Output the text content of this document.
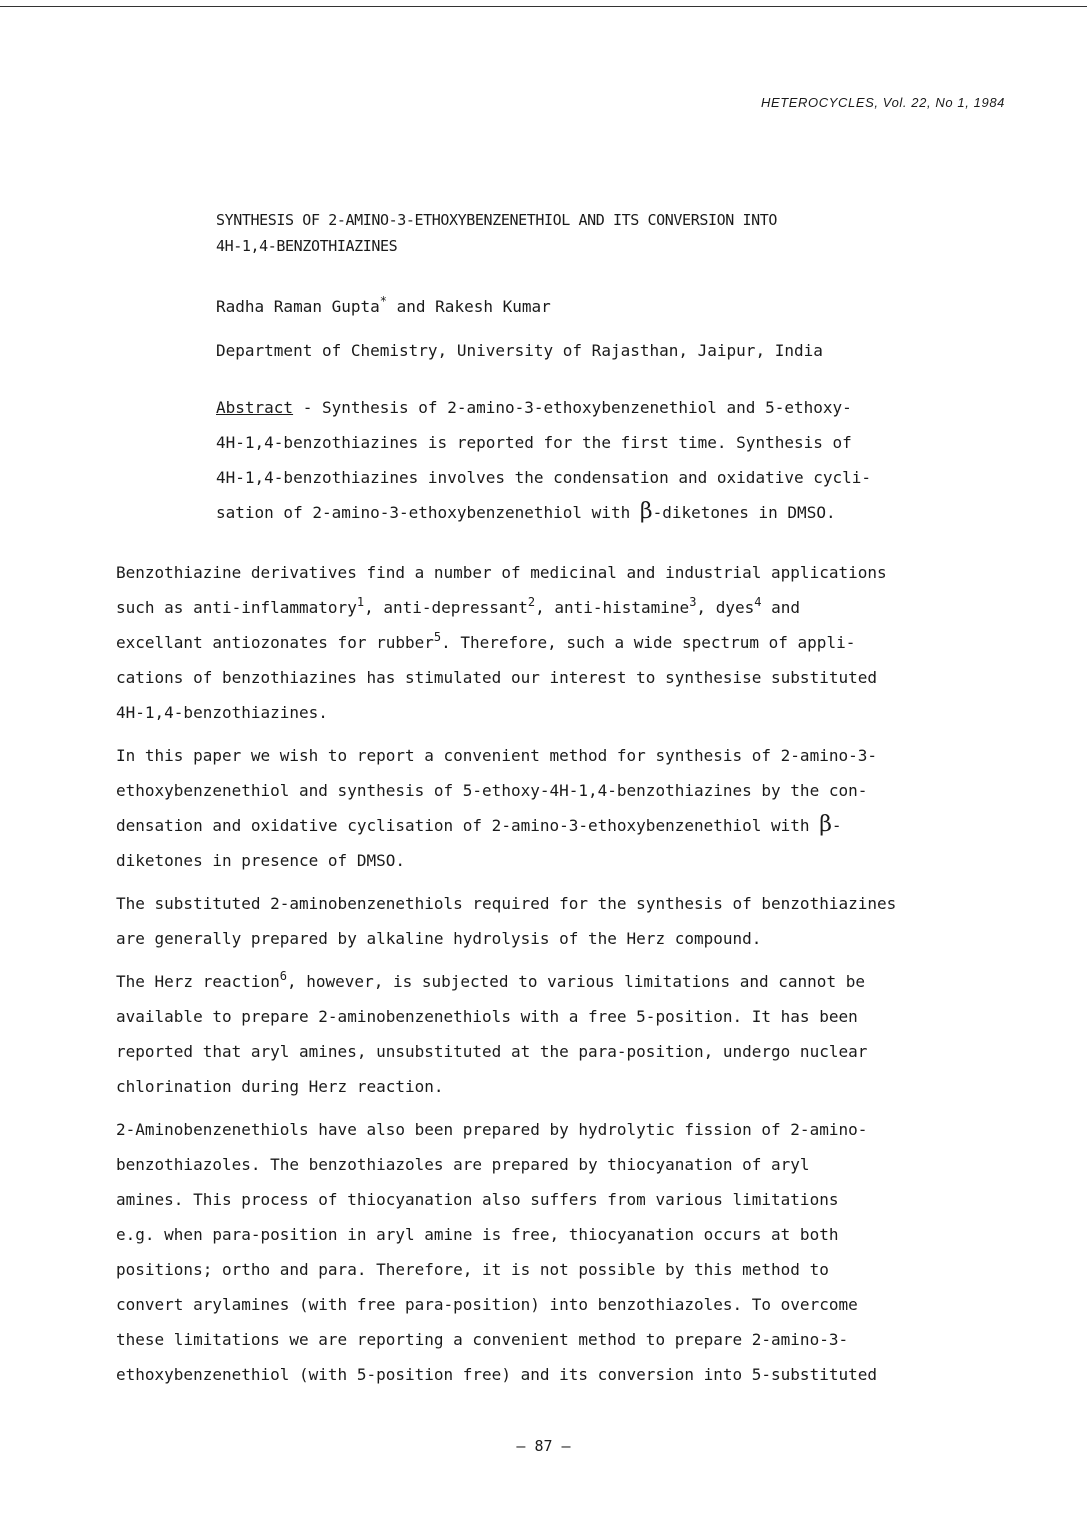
HETEROCYCLES, Vol. 22, No 1, 1984
SYNTHESIS OF 2-AMINO-3-ETHOXYBENZENETHIOL AND ITS CONVERSION INTO
4H-1,4-BENZOTHIAZINES
Radha Raman Gupta* and Rakesh Kumar
Department of Chemistry, University of Rajasthan, Jaipur, India
Abstract - Synthesis of 2-amino-3-ethoxybenzenethiol and 5-ethoxy-
4H-1,4-benzothiazines is reported for the first time. Synthesis of
4H-1,4-benzothiazines involves the condensation and oxidative cycli-
sation of 2-amino-3-ethoxybenzenethiol with β-diketones in DMSO.
Benzothiazine derivatives find a number of medicinal and industrial applications
such as anti-inflammatory$^1$, anti-depressant$^2$, anti-histamine$^3$, dyes$^4$ and
excellant antiozonates for rubber$^5$. Therefore, such a wide spectrum of appli-
cations of benzothiazines has stimulated our interest to synthesise substituted
4H-1,4-benzothiazines.
In this paper we wish to report a convenient method for synthesis of 2-amino-3-
ethoxybenzenethiol and synthesis of 5-ethoxy-4H-1,4-benzothiazines by the con-
densation and oxidative cyclisation of 2-amino-3-ethoxybenzenethiol with β-
diketones in presence of DMSO.
The substituted 2-aminobenzenethiols required for the synthesis of benzothiazines
are generally prepared by alkaline hydrolysis of the Herz compound.
The Herz reaction$^6$, however, is subjected to various limitations and cannot be
available to prepare 2-aminobenzenethiols with a free 5-position. It has been
reported that aryl amines, unsubstituted at the para-position, undergo nuclear
chlorination during Herz reaction.
2-Aminobenzenethiols have also been prepared by hydrolytic fission of 2-amino-
benzothiazoles. The benzothiazoles are prepared by thiocyanation of aryl
amines. This process of thiocyanation also suffers from various limitations
e.g. when para-position in aryl amine is free, thiocyanation occurs at both
positions; ortho and para. Therefore, it is not possible by this method to
convert arylamines (with free para-position) into benzothiazoles. To overcome
these limitations we are reporting a convenient method to prepare 2-amino-3-
ethoxybenzenethiol (with 5-position free) and its conversion into 5-substituted
— 87 —
